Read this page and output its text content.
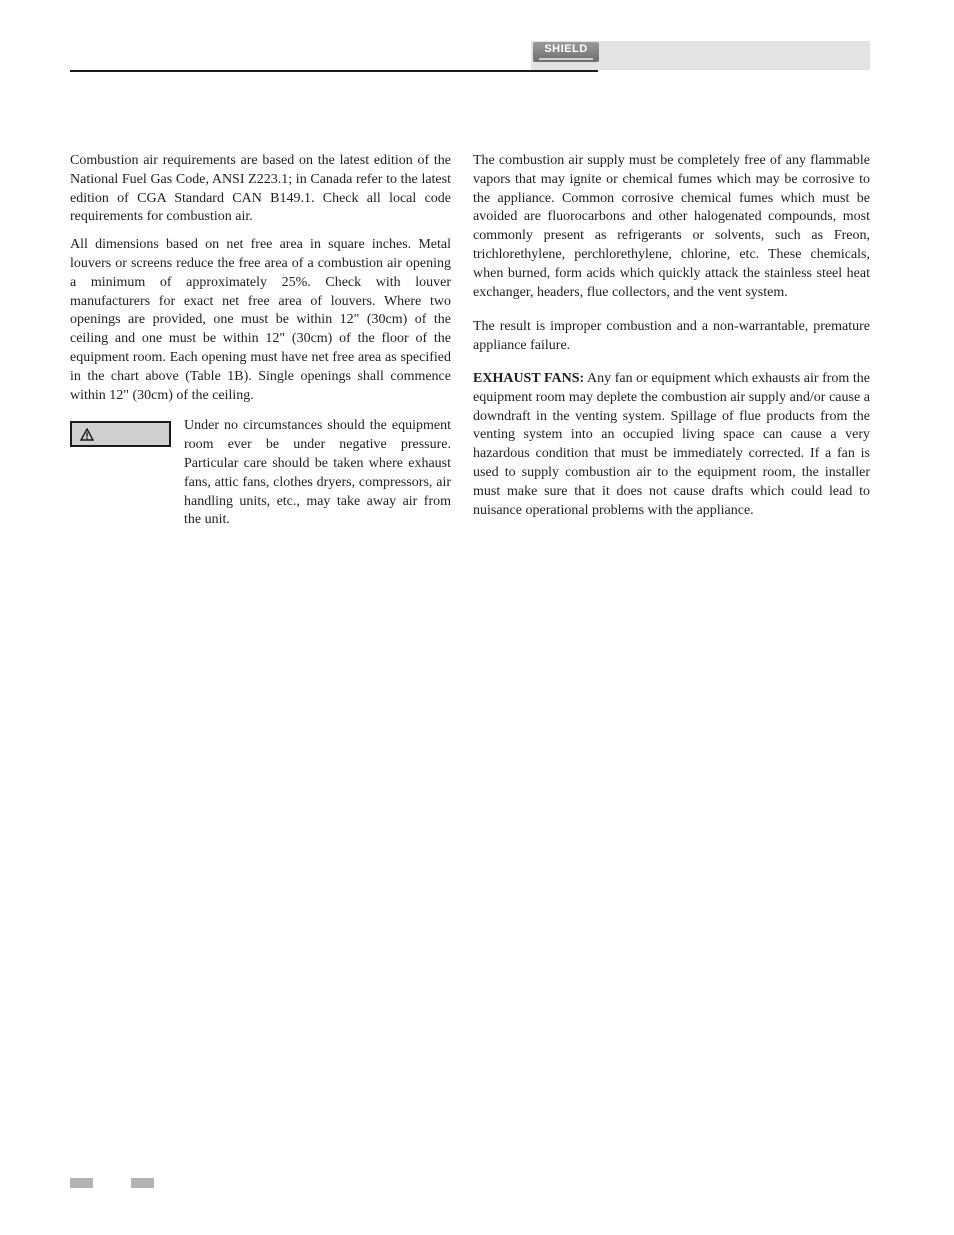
SHIELD

Combustion air requirements are based on the latest edition of the National Fuel Gas Code, ANSI Z223.1; in Canada refer to the latest edition of CGA Standard CAN B149.1. Check all local code requirements for combustion air.

All dimensions based on net free area in square inches. Metal louvers or screens reduce the free area of a combustion air opening a minimum of approximately 25%. Check with louver manufacturers for exact net free area of louvers. Where two openings are provided, one must be within 12" (30cm) of the ceiling and one must be within 12" (30cm) of the floor of the equipment room. Each opening must have net free area as specified in the chart above (Table 1B). Single openings shall commence within 12" (30cm) of the ceiling.

Under no circumstances should the equipment room ever be under negative pressure. Particular care should be taken where exhaust fans, attic fans, clothes dryers, compressors, air handling units, etc., may take away air from the unit.

The combustion air supply must be completely free of any flammable vapors that may ignite or chemical fumes which may be corrosive to the appliance. Common corrosive chemical fumes which must be avoided are fluorocarbons and other halogenated compounds, most commonly present as refrigerants or solvents, such as Freon, trichlorethylene, perchlorethylene, chlorine, etc. These chemicals, when burned, form acids which quickly attack the stainless steel heat exchanger, headers, flue collectors, and the vent system.

The result is improper combustion and a non-warrantable, premature appliance failure.

EXHAUST FANS: Any fan or equipment which exhausts air from the equipment room may deplete the combustion air supply and/or cause a downdraft in the venting system. Spillage of flue products from the venting system into an occupied living space can cause a very hazardous condition that must be immediately corrected. If a fan is used to supply combustion air to the equipment room, the installer must make sure that it does not cause drafts which could lead to nuisance operational problems with the appliance.
